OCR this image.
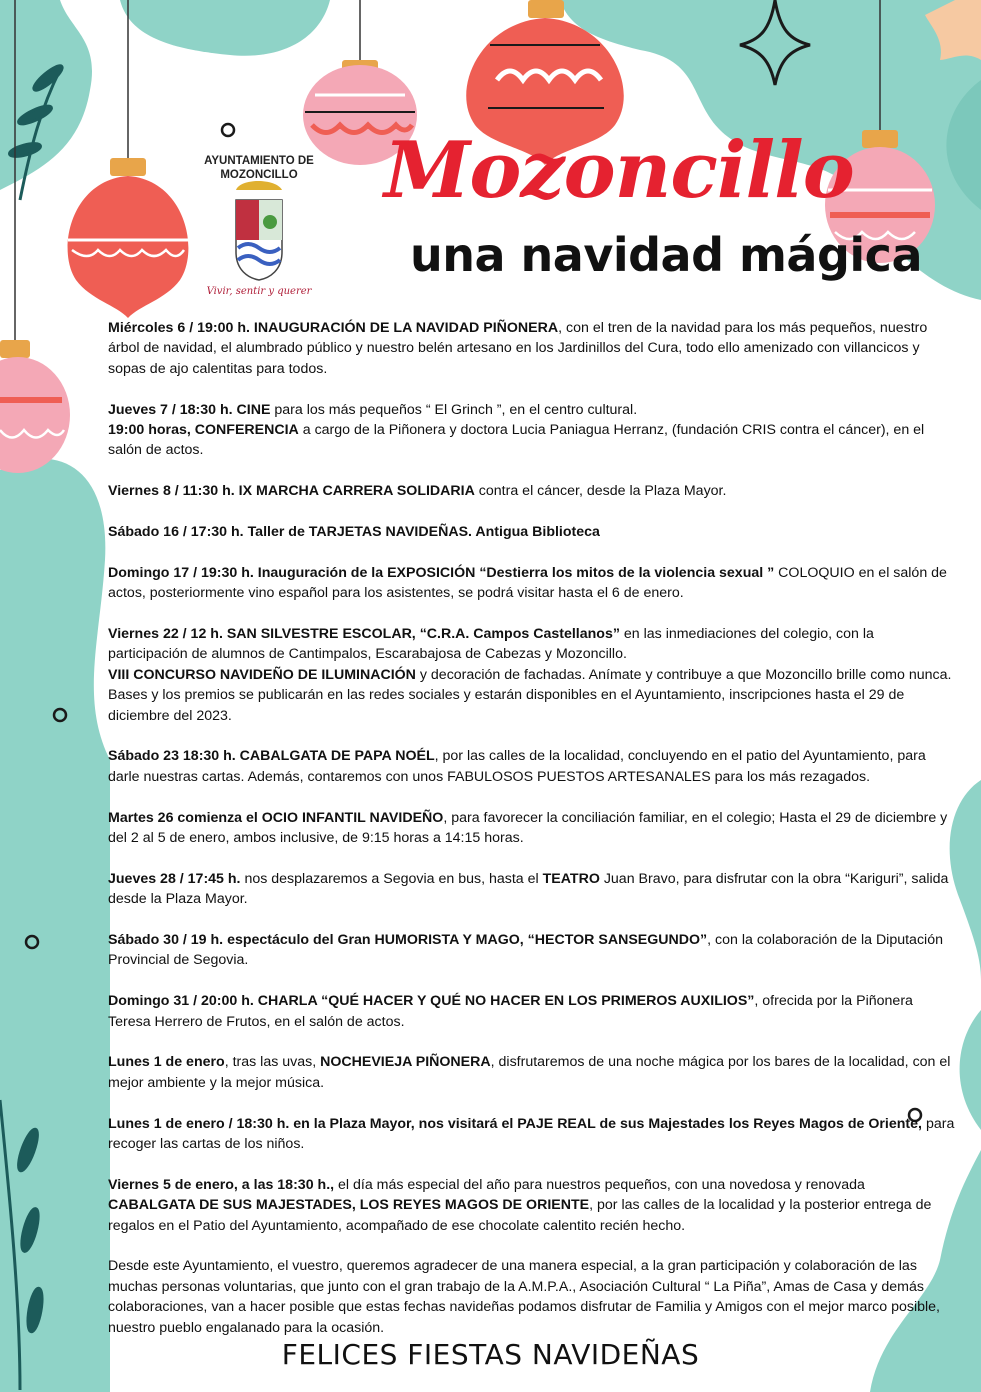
AYUNTAMIENTO DE MOZONCILLO
Vivir, sentir y querer
Mozoncillo
una navidad mágica

Miércoles 6 / 19:00 h. INAUGURACIÓN DE LA NAVIDAD PIÑONERA, con el tren de la navidad para los más pequeños, nuestro árbol de navidad, el alumbrado público y nuestro belén artesano en los Jardinillos del Cura, todo ello amenizado con villancicos y sopas de ajo calentitas para todos.

Jueves 7 / 18:30 h. CINE para los más pequeños “ El Grinch ”, en el centro cultural.
19:00 horas, CONFERENCIA a cargo de la Piñonera y doctora Lucia Paniagua Herranz, (fundación CRIS contra el cáncer), en el salón de actos.

Viernes 8 / 11:30 h. IX MARCHA CARRERA SOLIDARIA contra el cáncer, desde la Plaza Mayor.

Sábado 16 / 17:30 h. Taller de TARJETAS NAVIDEÑAS. Antigua Biblioteca

Domingo 17 / 19:30 h. Inauguración de la EXPOSICIÓN “Destierra los mitos de la violencia sexual ” COLOQUIO en el salón de actos, posteriormente vino español para los asistentes, se podrá visitar hasta el 6 de enero.

Viernes 22 / 12 h. SAN SILVESTRE ESCOLAR, “C.R.A. Campos Castellanos” en las inmediaciones del colegio, con la participación de alumnos de Cantimpalos, Escarabajosa de Cabezas y Mozoncillo.
VIII CONCURSO NAVIDEÑO DE ILUMINACIÓN y decoración de fachadas. Anímate y contribuye a que Mozoncillo brille como nunca. Bases y los premios se publicarán en las redes sociales y estarán disponibles en el Ayuntamiento, inscripciones hasta el 29 de diciembre del 2023.

Sábado 23 18:30 h. CABALGATA DE PAPA NOÉL, por las calles de la localidad, concluyendo en el patio del Ayuntamiento, para darle nuestras cartas. Además, contaremos con unos FABULOSOS PUESTOS ARTESANALES para los más rezagados.

Martes 26 comienza el OCIO INFANTIL NAVIDEÑO, para favorecer la conciliación familiar, en el colegio; Hasta el 29 de diciembre y del 2 al 5 de enero, ambos inclusive, de 9:15 horas a 14:15 horas.

Jueves 28 / 17:45 h. nos desplazaremos a Segovia en bus, hasta el TEATRO Juan Bravo, para disfrutar con la obra “Kariguri”, salida desde la Plaza Mayor.

Sábado 30 / 19 h. espectáculo del Gran HUMORISTA Y MAGO, “HECTOR SANSEGUNDO”, con la colaboración de la Diputación Provincial de Segovia.

Domingo 31 / 20:00 h. CHARLA “QUÉ HACER Y QUÉ NO HACER EN LOS PRIMEROS AUXILIOS”, ofrecida por la Piñonera Teresa Herrero de Frutos, en el salón de actos.

Lunes 1 de enero, tras las uvas, NOCHEVIEJA PIÑONERA, disfrutaremos de una noche mágica por los bares de la localidad, con el mejor ambiente y la mejor música.

Lunes 1 de enero / 18:30 h. en la Plaza Mayor, nos visitará el PAJE REAL de sus Majestades los Reyes Magos de Oriente, para recoger las cartas de los niños.

Viernes 5 de enero, a las 18:30 h., el día más especial del año para nuestros pequeños, con una novedosa y renovada CABALGATA DE SUS MAJESTADES, LOS REYES MAGOS DE ORIENTE, por las calles de la localidad y la posterior entrega de regalos en el Patio del Ayuntamiento, acompañado de ese chocolate calentito recién hecho.

Desde este Ayuntamiento, el vuestro, queremos agradecer de una manera especial, a la gran participación y colaboración de las muchas personas voluntarias, que junto con el gran trabajo de la A.M.P.A., Asociación Cultural “ La Piña”, Amas de Casa y demás colaboraciones, van a hacer posible que estas fechas navideñas podamos disfrutar de Familia y Amigos con el mejor marco posible, nuestro pueblo engalanado para la ocasión.

FELICES FIESTAS NAVIDEÑAS
